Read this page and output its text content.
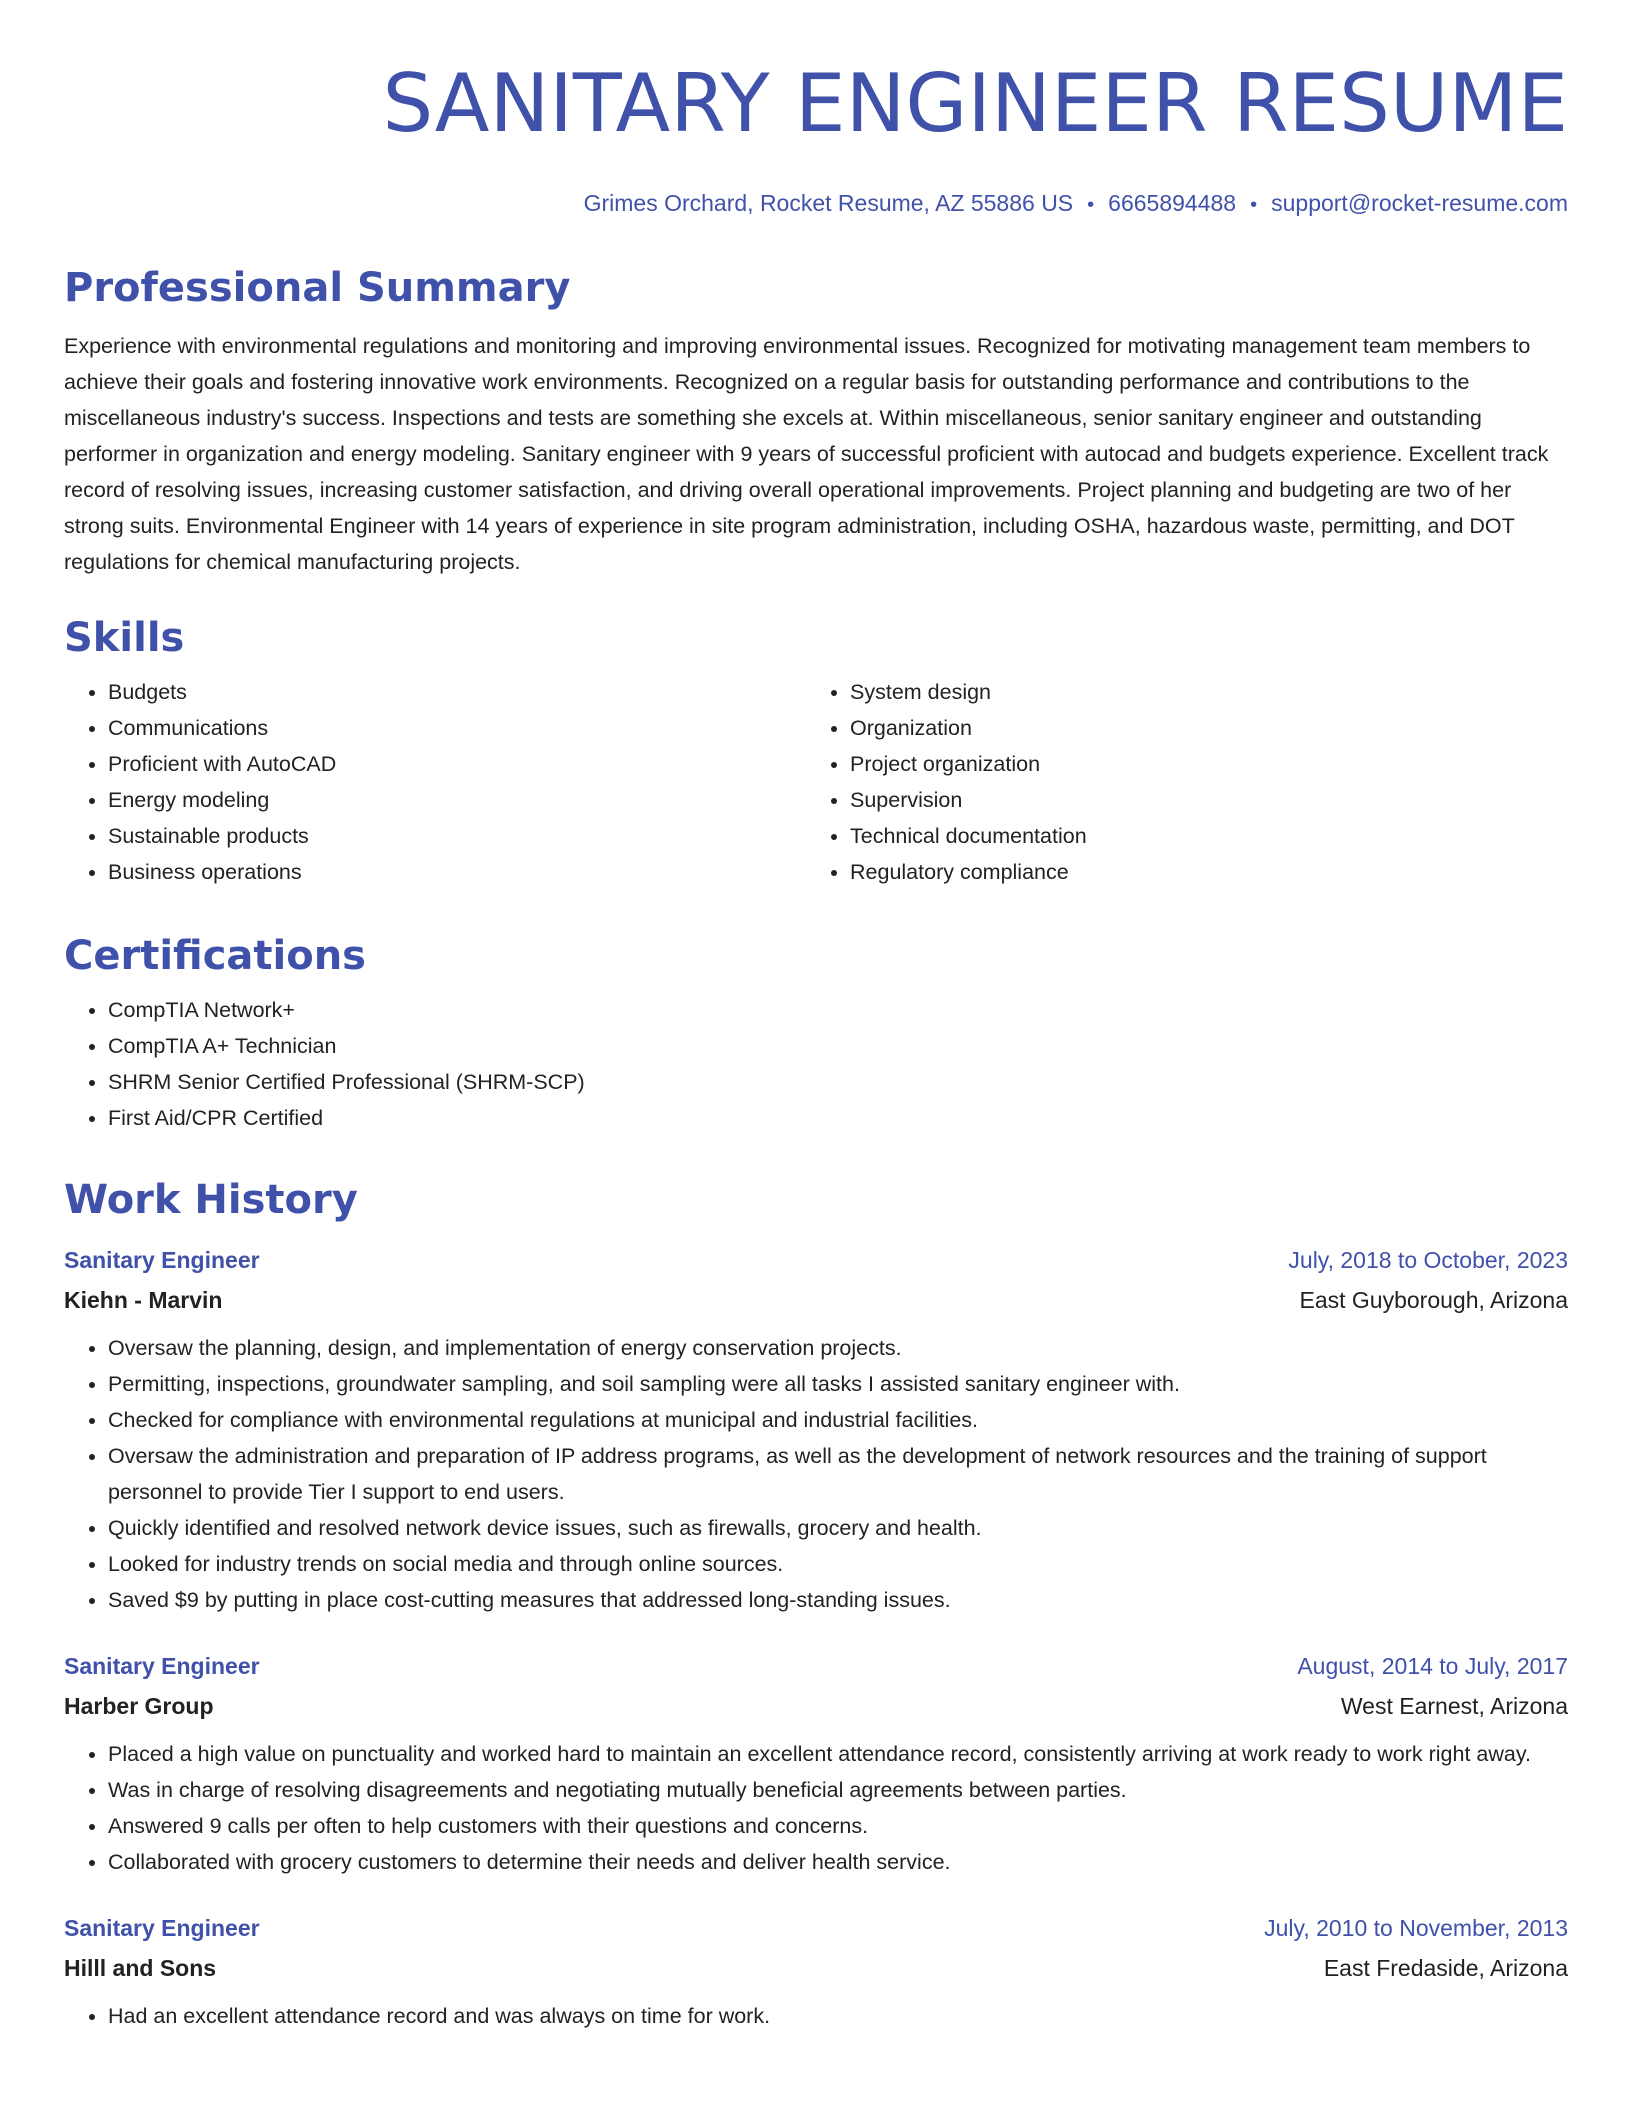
SANITARY ENGINEER RESUME
Grimes Orchard, Rocket Resume, AZ 55886 US • 6665894488 • support@rocket-resume.com
Professional Summary

Experience with environmental regulations and monitoring and improving environmental issues. Recognized for motivating management team members to achieve their goals and fostering innovative work environments. Recognized on a regular basis for outstanding performance and contributions to the miscellaneous industry's success. Inspections and tests are something she excels at. Within miscellaneous, senior sanitary engineer and outstanding performer in organization and energy modeling. Sanitary engineer with 9 years of successful proficient with autocad and budgets experience. Excellent track record of resolving issues, increasing customer satisfaction, and driving overall operational improvements. Project planning and budgeting are two of her strong suits. Environmental Engineer with 14 years of experience in site program administration, including OSHA, hazardous waste, permitting, and DOT regulations for chemical manufacturing projects.

Skills
• Budgets
• Communications
• Proficient with AutoCAD
• Energy modeling
• Sustainable products
• Business operations
• System design
• Organization
• Project organization
• Supervision
• Technical documentation
• Regulatory compliance
Certifications
• CompTIA Network+
• CompTIA A+ Technician
• SHRM Senior Certified Professional (SHRM-SCP)
• First Aid/CPR Certified
Work History
Sanitary Engineer	July, 2018 to October, 2023
Kiehn - Marvin	East Guyborough, Arizona
• Oversaw the planning, design, and implementation of energy conservation projects.
• Permitting, inspections, groundwater sampling, and soil sampling were all tasks I assisted sanitary engineer with.
• Checked for compliance with environmental regulations at municipal and industrial facilities.
• Oversaw the administration and preparation of IP address programs, as well as the development of network resources and the training of support personnel to provide Tier I support to end users.
• Quickly identified and resolved network device issues, such as firewalls, grocery and health.
• Looked for industry trends on social media and through online sources.
• Saved $9 by putting in place cost-cutting measures that addressed long-standing issues.
Sanitary Engineer	August, 2014 to July, 2017
Harber Group	West Earnest, Arizona
• Placed a high value on punctuality and worked hard to maintain an excellent attendance record, consistently arriving at work ready to work right away.
• Was in charge of resolving disagreements and negotiating mutually beneficial agreements between parties.
• Answered 9 calls per often to help customers with their questions and concerns.
• Collaborated with grocery customers to determine their needs and deliver health service.
Sanitary Engineer	July, 2010 to November, 2013
Hilll and Sons	East Fredaside, Arizona
• Had an excellent attendance record and was always on time for work.
